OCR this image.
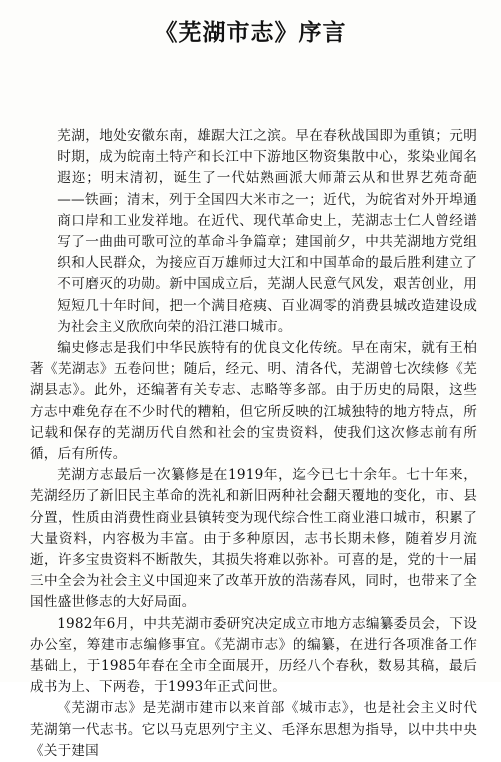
《芜湖市志》序言

芜湖，地处安徽东南，雄踞大江之滨。早在春秋战国即为重镇；元明时期，成为皖南土特产和长江中下游地区物资集散中心，浆染业闻名遐迩；明末清初，诞生了一代姑熟画派大师萧云从和世界艺苑奇葩——铁画；清末，列于全国四大米市之一；近代，为皖省对外开埠通商口岸和工业发祥地。在近代、现代革命史上，芜湖志士仁人曾经谱写了一曲曲可歌可泣的革命斗争篇章；建国前夕，中共芜湖地方党组织和人民群众，为接应百万雄师过大江和中国革命的最后胜利建立了不可磨灭的功勋。新中国成立后，芜湖人民意气风发，艰苦创业，用短短几十年时间，把一个满目疮痍、百业凋零的消费县城改造建设成为社会主义欣欣向荣的沿江港口城市。

编史修志是我们中华民族特有的优良文化传统。早在南宋，就有王柏著《芜湖志》五卷问世；随后，经元、明、清各代，芜湖曾七次续修《芜湖县志》。此外，还编著有关专志、志略等多部。由于历史的局限，这些方志中难免存在不少时代的糟粕，但它所反映的江城独特的地方特点，所记载和保存的芜湖历代自然和社会的宝贵资料，使我们这次修志前有所循，后有所传。

芜湖方志最后一次纂修是在1919年，迄今已七十余年。七十年来，芜湖经历了新旧民主革命的洗礼和新旧两种社会翻天覆地的变化，市、县分置，性质由消费性商业县镇转变为现代综合性工商业港口城市，积累了大量资料，内容极为丰富。由于多种原因，志书长期未修，随着岁月流逝，许多宝贵资料不断散失，其损失将难以弥补。可喜的是，党的十一届三中全会为社会主义中国迎来了改革开放的浩荡春风，同时，也带来了全国性盛世修志的大好局面。

1982年6月，中共芜湖市委研究决定成立市地方志编纂委员会，下设办公室，筹建市志编修事宜。《芜湖市志》的编纂，在进行各项准备工作基础上，于1985年春在全市全面展开，历经八个春秋，数易其稿，最后成书为上、下两卷，于1993年正式问世。

《芜湖市志》是芜湖市建市以来首部《城市志》，也是社会主义时代芜湖第一代志书。它以马克思列宁主义、毛泽东思想为指导，以中共中央《关于建国
